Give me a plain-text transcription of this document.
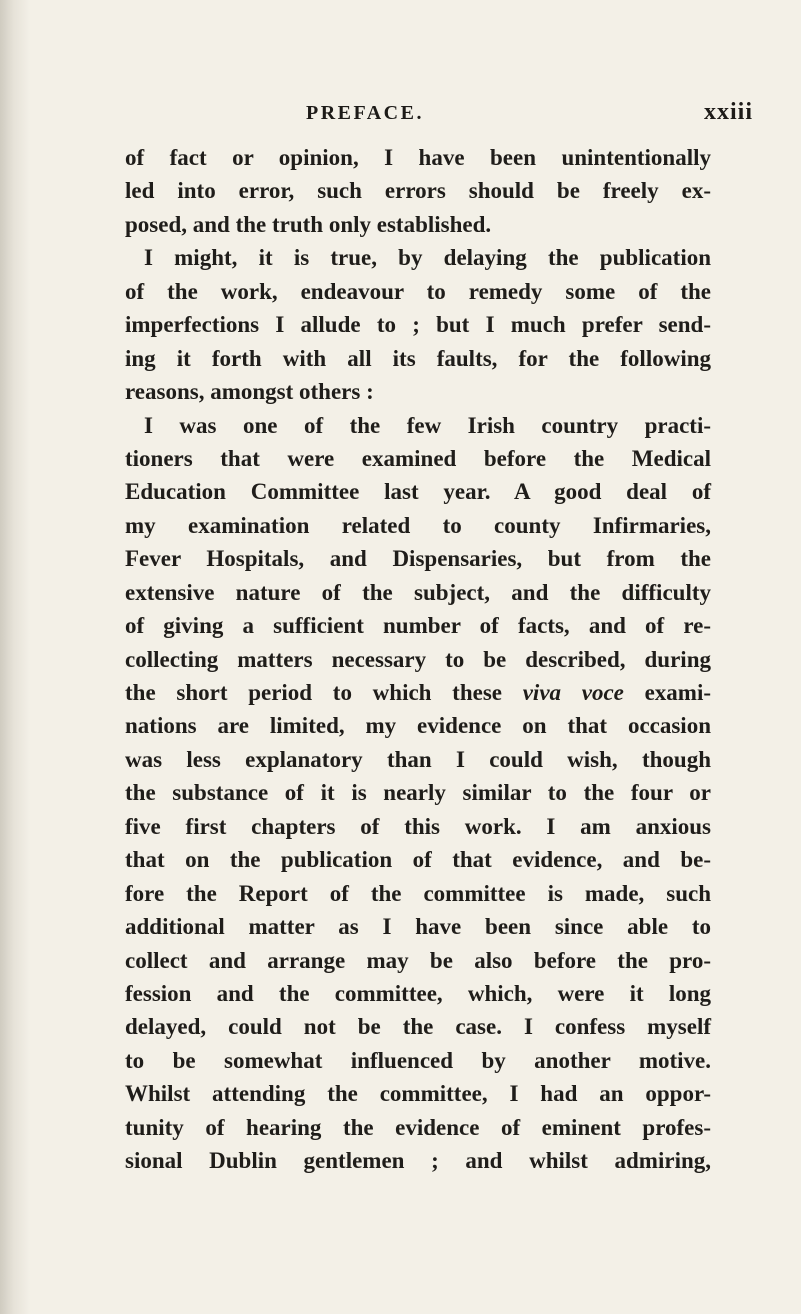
PREFACE.	xxiii
of fact or opinion, I have been unintentionally
led into error, such errors should be freely ex-
posed, and the truth only established.
I might, it is true, by delaying the publication
of the work, endeavour to remedy some of the
imperfections I allude to ; but I much prefer send-
ing it forth with all its faults, for the following
reasons, amongst others :
I was one of the few Irish country practi-
tioners that were examined before the Medical
Education Committee last year. A good deal of
my examination related to county Infirmaries,
Fever Hospitals, and Dispensaries, but from the
extensive nature of the subject, and the difficulty
of giving a sufficient number of facts, and of re-
collecting matters necessary to be described, during
the short period to which these viva voce exami-
nations are limited, my evidence on that occasion
was less explanatory than I could wish, though
the substance of it is nearly similar to the four or
five first chapters of this work. I am anxious
that on the publication of that evidence, and be-
fore the Report of the committee is made, such
additional matter as I have been since able to
collect and arrange may be also before the pro-
fession and the committee, which, were it long
delayed, could not be the case. I confess myself
to be somewhat influenced by another motive.
Whilst attending the committee, I had an oppor-
tunity of hearing the evidence of eminent profes-
sional Dublin gentlemen ; and whilst admiring,
